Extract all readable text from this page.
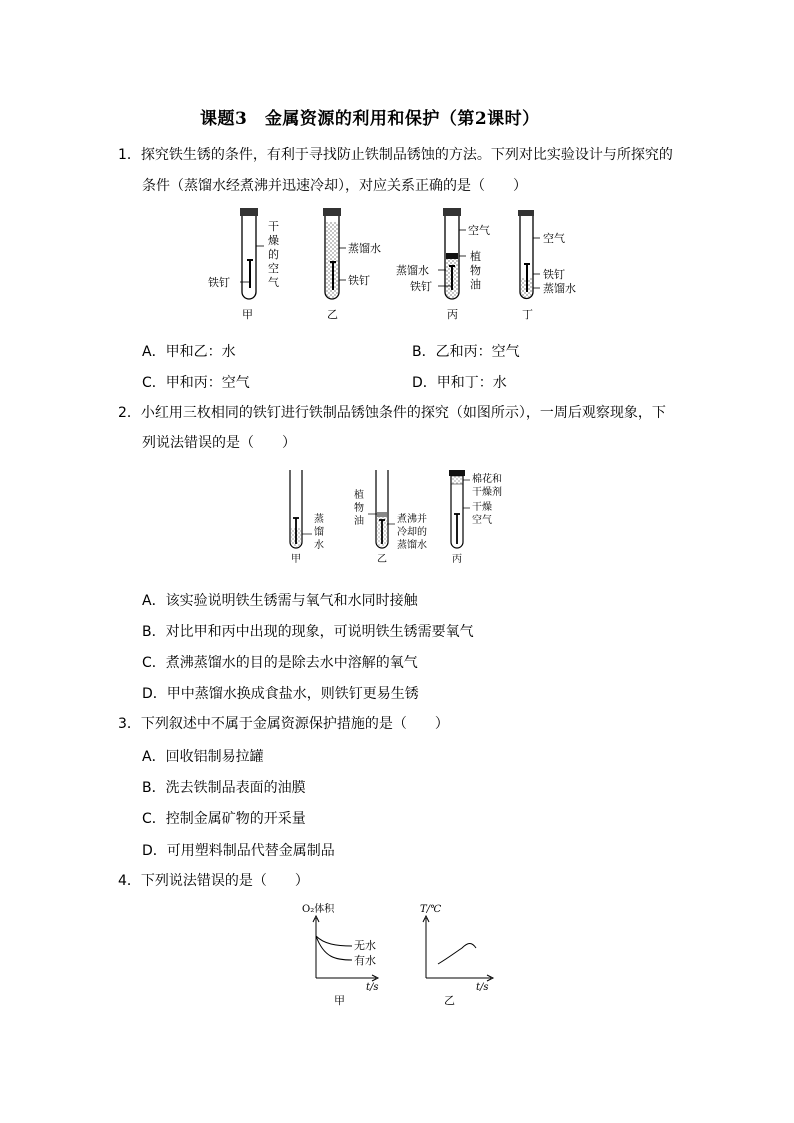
课题3　金属资源的利用和保护（第2课时）
1．探究铁生锈的条件，有利于寻找防止铁制品锈蚀的方法。下列对比实验设计与所探究的
条件（蒸馏水经煮沸并迅速冷却），对应关系正确的是（　　）
干
燥
的
空
气
铁钉
甲
蒸馏水
铁钉
乙
空气
植
物
油
蒸馏水
铁钉
丙
空气
铁钉
蒸馏水
丁
A．甲和乙：水	B．乙和丙：空气
C．甲和丙：空气	D．甲和丁：水
2．小红用三枚相同的铁钉进行铁制品锈蚀条件的探究（如图所示），一周后观察现象，下
列说法错误的是（　　）
蒸
馏
水
甲
植
物
油	煮沸并
冷却的
蒸馏水
乙
棉花和
干燥剂
干燥
空气
丙
A．该实验说明铁生锈需与氧气和水同时接触
B．对比甲和丙中出现的现象，可说明铁生锈需要氧气
C．煮沸蒸馏水的目的是除去水中溶解的氧气
D．甲中蒸馏水换成食盐水，则铁钉更易生锈
3．下列叙述中不属于金属资源保护措施的是（　　）
A．回收铝制易拉罐
B．洗去铁制品表面的油膜
C．控制金属矿物的开采量
D．可用塑料制品代替金属制品
4．下列说法错误的是（　　）
O₂体积
无水
有水
t/s
甲
T/℃
t/s
乙
